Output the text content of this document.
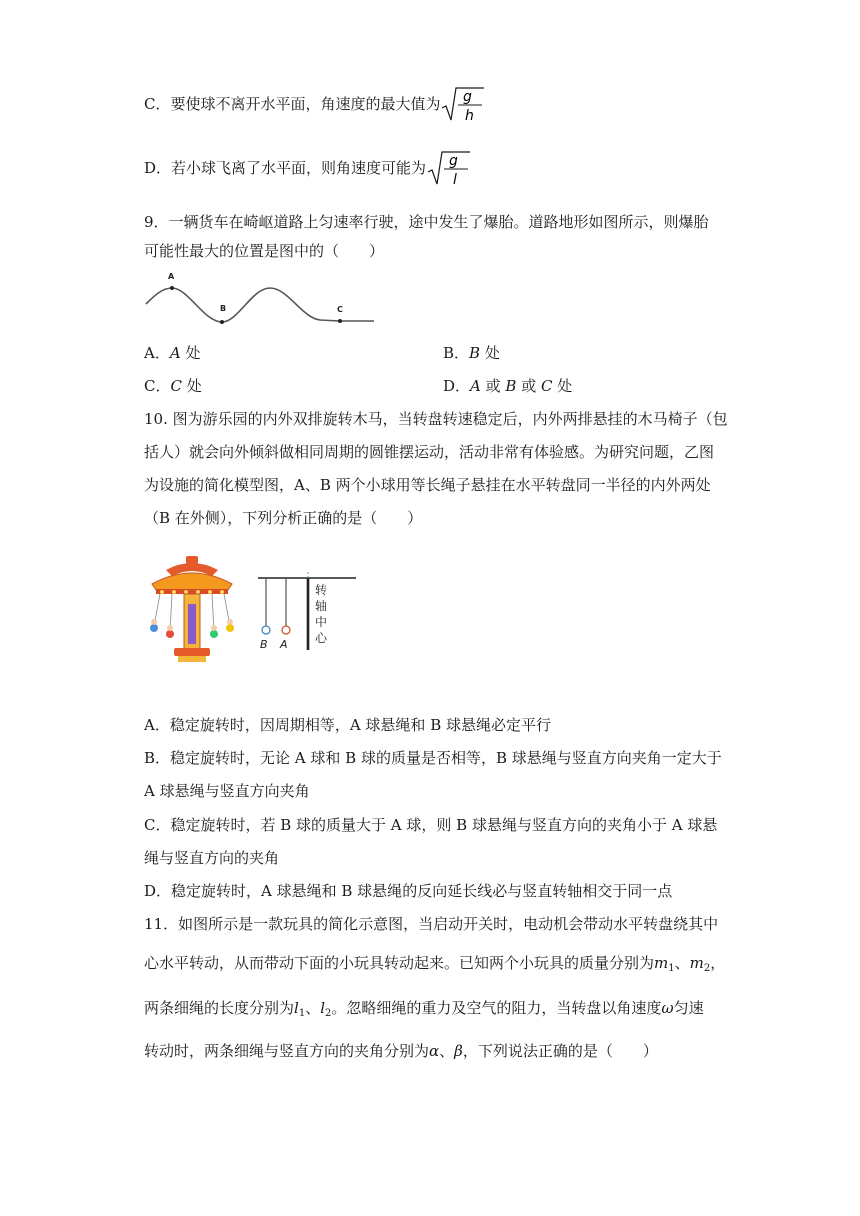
C．要使球不离开水平面，角速度的最大值为 g
h
D．若小球飞离了水平面，则角速度可能为 g
l
9．一辆货车在崎岖道路上匀速率行驶，途中发生了爆胎。道路地形如图所示，则爆胎
可能性最大的位置是图中的（　　）
A
B	C
A．A 处	B．B 处
C．C 处	D．A 或 B 或 C 处
10. 图为游乐园的内外双排旋转木马，当转盘转速稳定后，内外两排悬挂的木马椅子（包
括人）就会向外倾斜做相同周期的圆锥摆运动，活动非常有体验感。为研究问题，乙图
为设施的简化模型图，A、B 两个小球用等长绳子悬挂在水平转盘同一半径的内外两处
（B 在外侧），下列分析正确的是（　　）
B A
转
轴
中
心
A．稳定旋转时，因周期相等，A 球悬绳和 B 球悬绳必定平行
B．稳定旋转时，无论 A 球和 B 球的质量是否相等，B 球悬绳与竖直方向夹角一定大于
A 球悬绳与竖直方向夹角
C．稳定旋转时，若 B 球的质量大于 A 球，则 B 球悬绳与竖直方向的夹角小于 A 球悬
绳与竖直方向的夹角
D．稳定旋转时，A 球悬绳和 B 球悬绳的反向延长线必与竖直转轴相交于同一点
11．如图所示是一款玩具的简化示意图，当启动开关时，电动机会带动水平转盘绕其中
心水平转动，从而带动下面的小玩具转动起来。已知两个小玩具的质量分别为$m_1$、$m_2$，
两条细绳的长度分别为$l_1$、$l_2$。忽略细绳的重力及空气的阻力，当转盘以角速度ω匀速
转动时，两条细绳与竖直方向的夹角分别为α、β，下列说法正确的是（　　）
